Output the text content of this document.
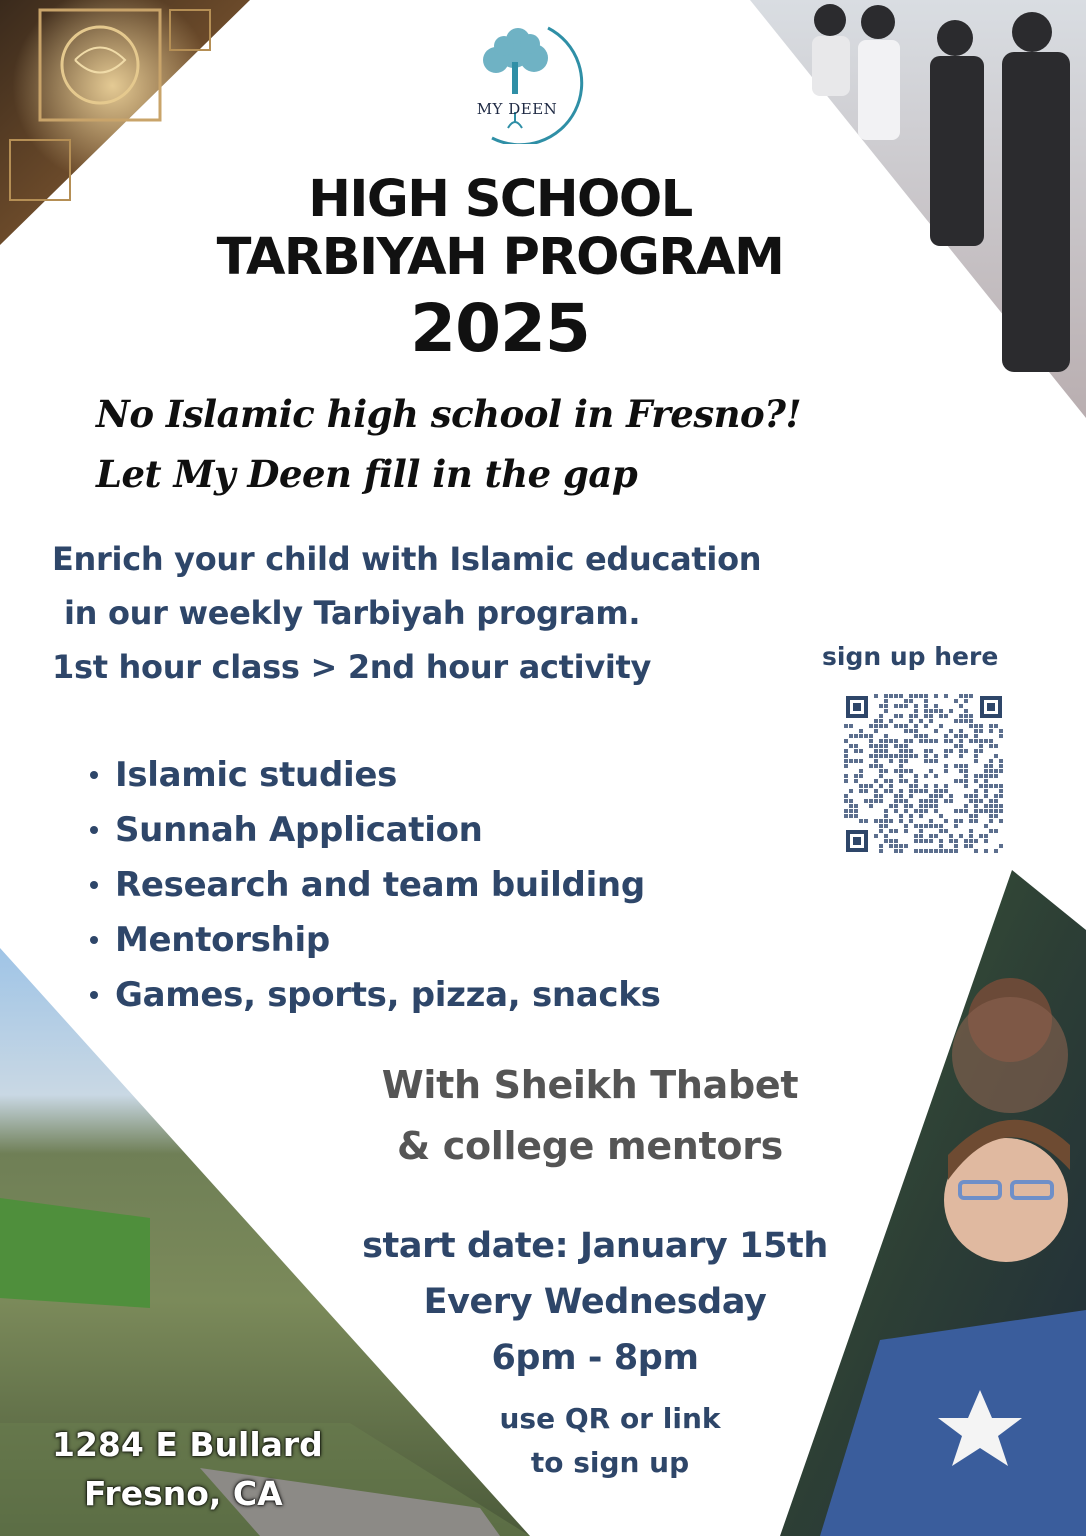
MY DEEN
HIGH SCHOOL
TARBIYAH PROGRAM
2025
No Islamic high school in Fresno?!
Let My Deen fill in the gap
Enrich your child with Islamic education
in our weekly Tarbiyah program.
1st hour class > 2nd hour activity	sign up here
Islamic studies
Sunnah Application
Research and team building
Mentorship
Games, sports, pizza, snacks
With Sheikh Thabet
& college mentors
start date: January 15th
Every Wednesday
6pm - 8pm
use QR or link
to sign up
1284 E Bullard
Fresno, CA
